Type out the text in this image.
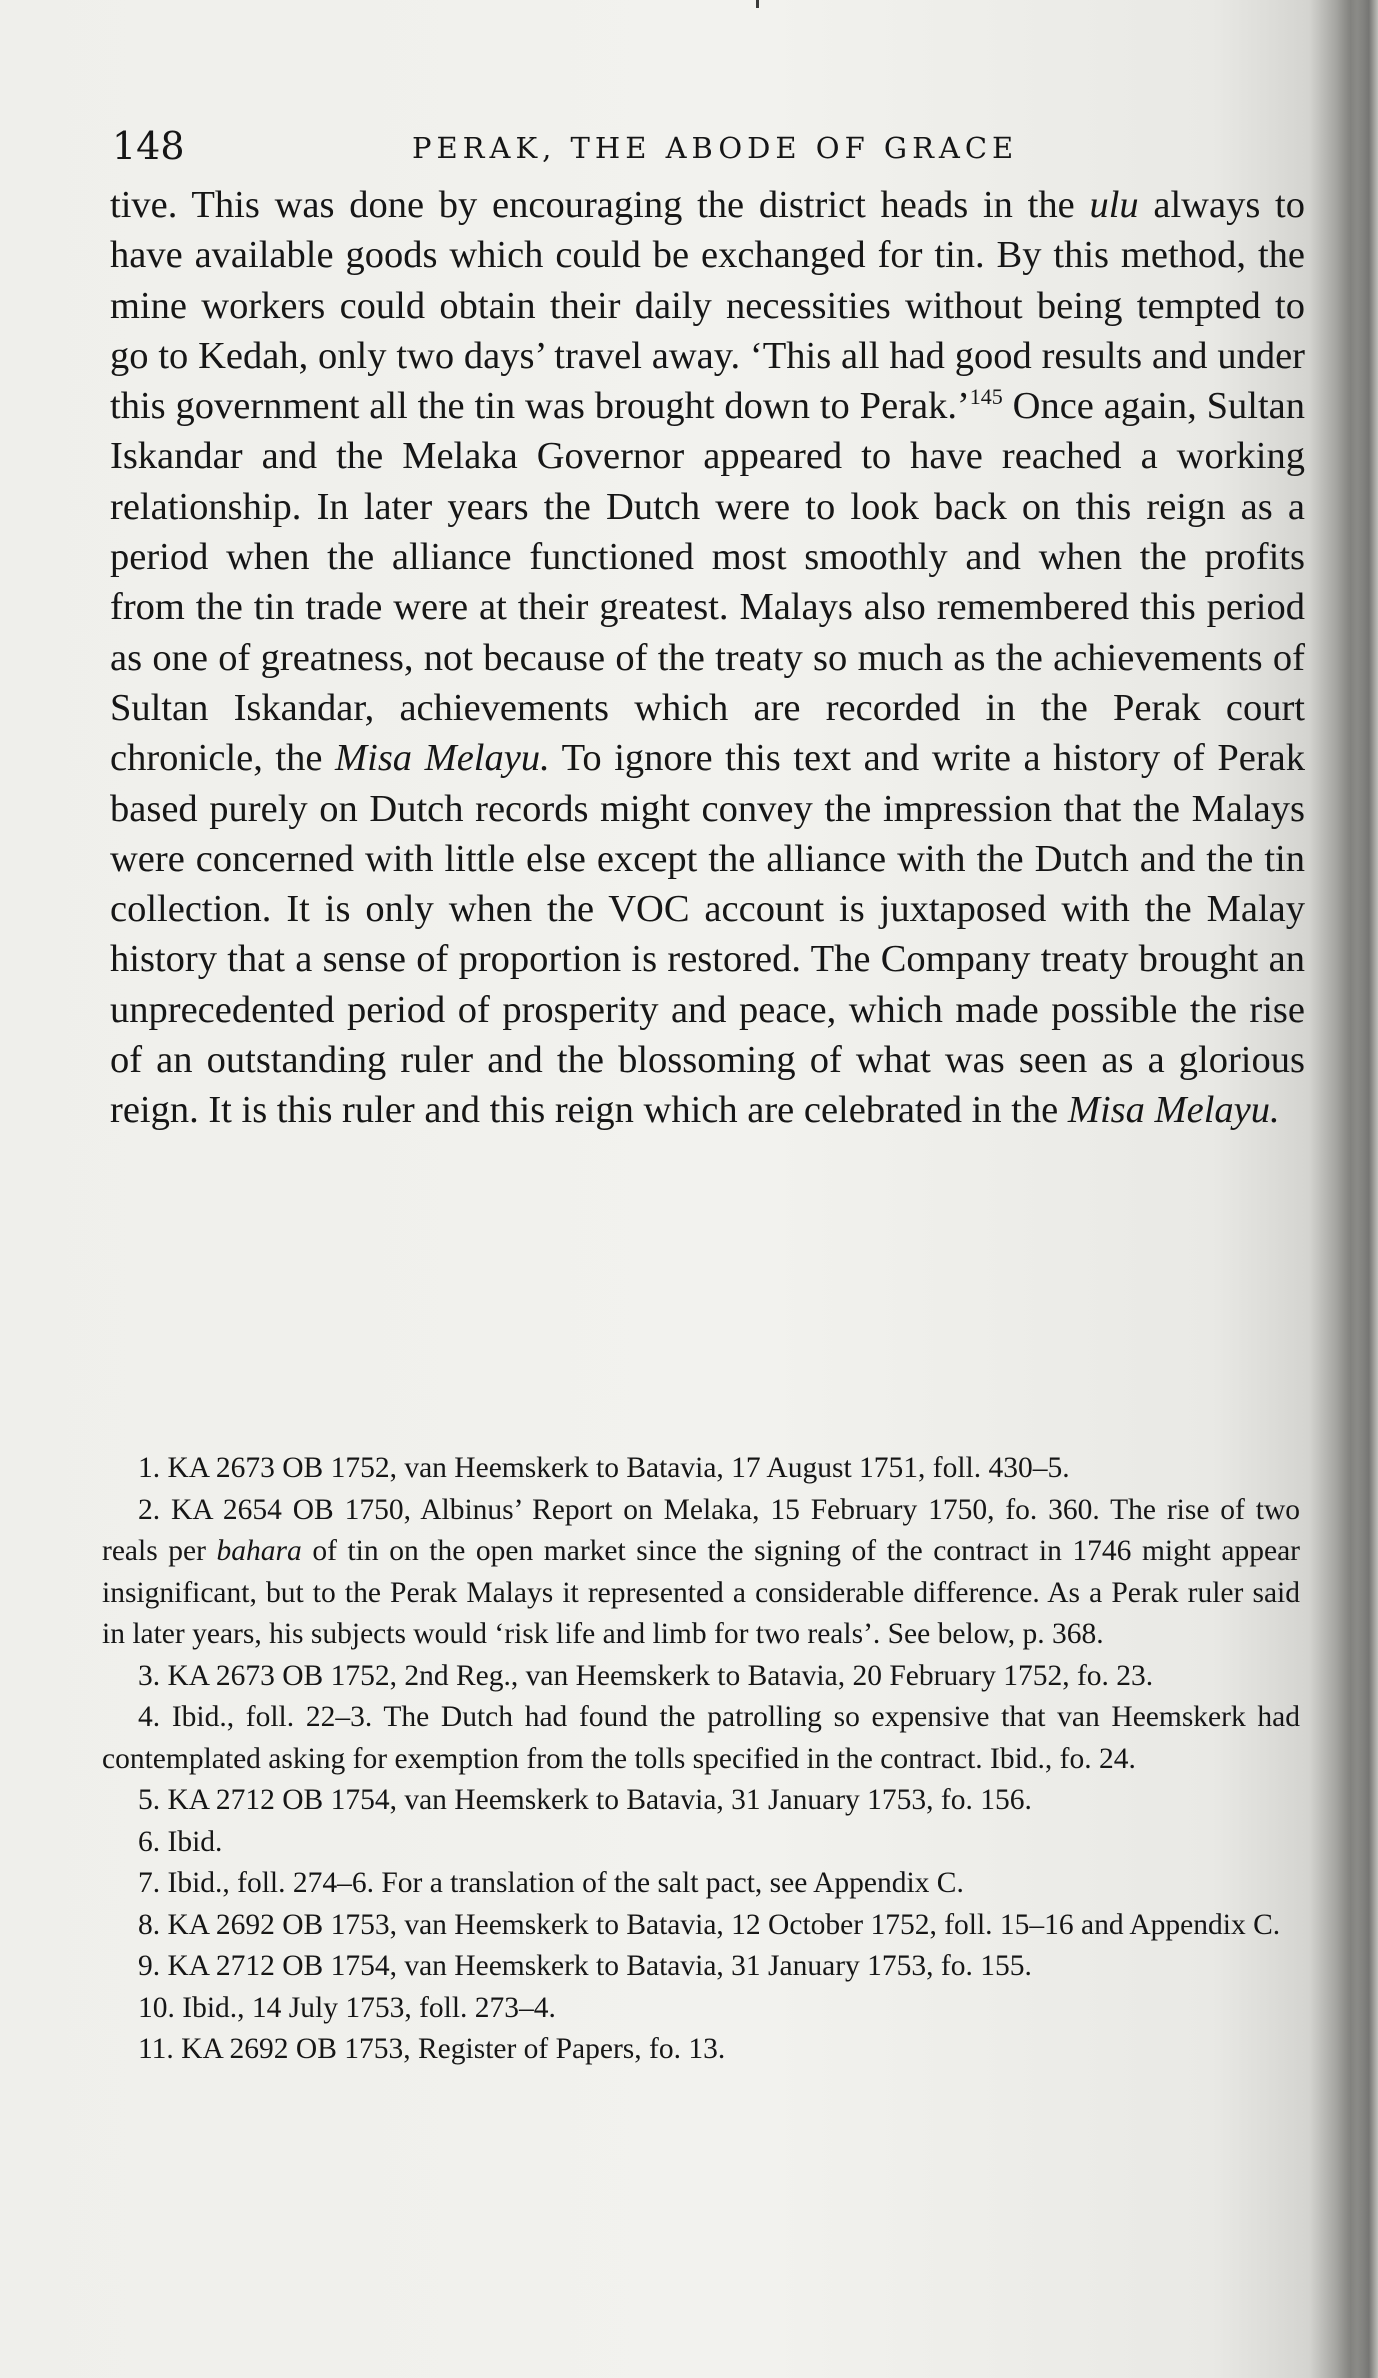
148	PERAK, THE ABODE OF GRACE

tive. This was done by encouraging the district heads in the ulu always to have available goods which could be exchanged for tin. By this method, the mine workers could obtain their daily necessities without being tempted to go to Kedah, only two days’ travel away. ‘This all had good results and under this government all the tin was brought down to Perak.’$^{145}$ Once again, Sultan Iskandar and the Melaka Governor appeared to have reached a working relationship. In later years the Dutch were to look back on this reign as a period when the alliance functioned most smoothly and when the profits from the tin trade were at their greatest. Malays also remembered this period as one of greatness, not because of the treaty so much as the achievements of Sultan Iskandar, achievements which are recorded in the Perak court chronicle, the Misa Melayu. To ignore this text and write a history of Perak based purely on Dutch records might convey the impression that the Malays were concerned with little else except the alliance with the Dutch and the tin collection. It is only when the VOC account is juxtaposed with the Malay history that a sense of proportion is restored. The Company treaty brought an unprecedented period of prosperity and peace, which made possible the rise of an outstanding ruler and the blossoming of what was seen as a glorious reign. It is this ruler and this reign which are celebrated in the Misa Melayu.

1. KA 2673 OB 1752, van Heemskerk to Batavia, 17 August 1751, foll. 430–5.

2. KA 2654 OB 1750, Albinus’ Report on Melaka, 15 February 1750, fo. 360. The rise of two reals per bahara of tin on the open market since the signing of the contract in 1746 might appear insignificant, but to the Perak Malays it represented a considerable difference. As a Perak ruler said in later years, his subjects would ‘risk life and limb for two reals’. See below, p. 368.

3. KA 2673 OB 1752, 2nd Reg., van Heemskerk to Batavia, 20 February 1752, fo. 23.

4. Ibid., foll. 22–3. The Dutch had found the patrolling so expensive that van Heemskerk had contemplated asking for exemption from the tolls specified in the contract. Ibid., fo. 24.

5. KA 2712 OB 1754, van Heemskerk to Batavia, 31 January 1753, fo. 156.

6. Ibid.

7. Ibid., foll. 274–6. For a translation of the salt pact, see Appendix C.

8. KA 2692 OB 1753, van Heemskerk to Batavia, 12 October 1752, foll. 15–16 and Appendix C.

9. KA 2712 OB 1754, van Heemskerk to Batavia, 31 January 1753, fo. 155.

10. Ibid., 14 July 1753, foll. 273–4.

11. KA 2692 OB 1753, Register of Papers, fo. 13.
